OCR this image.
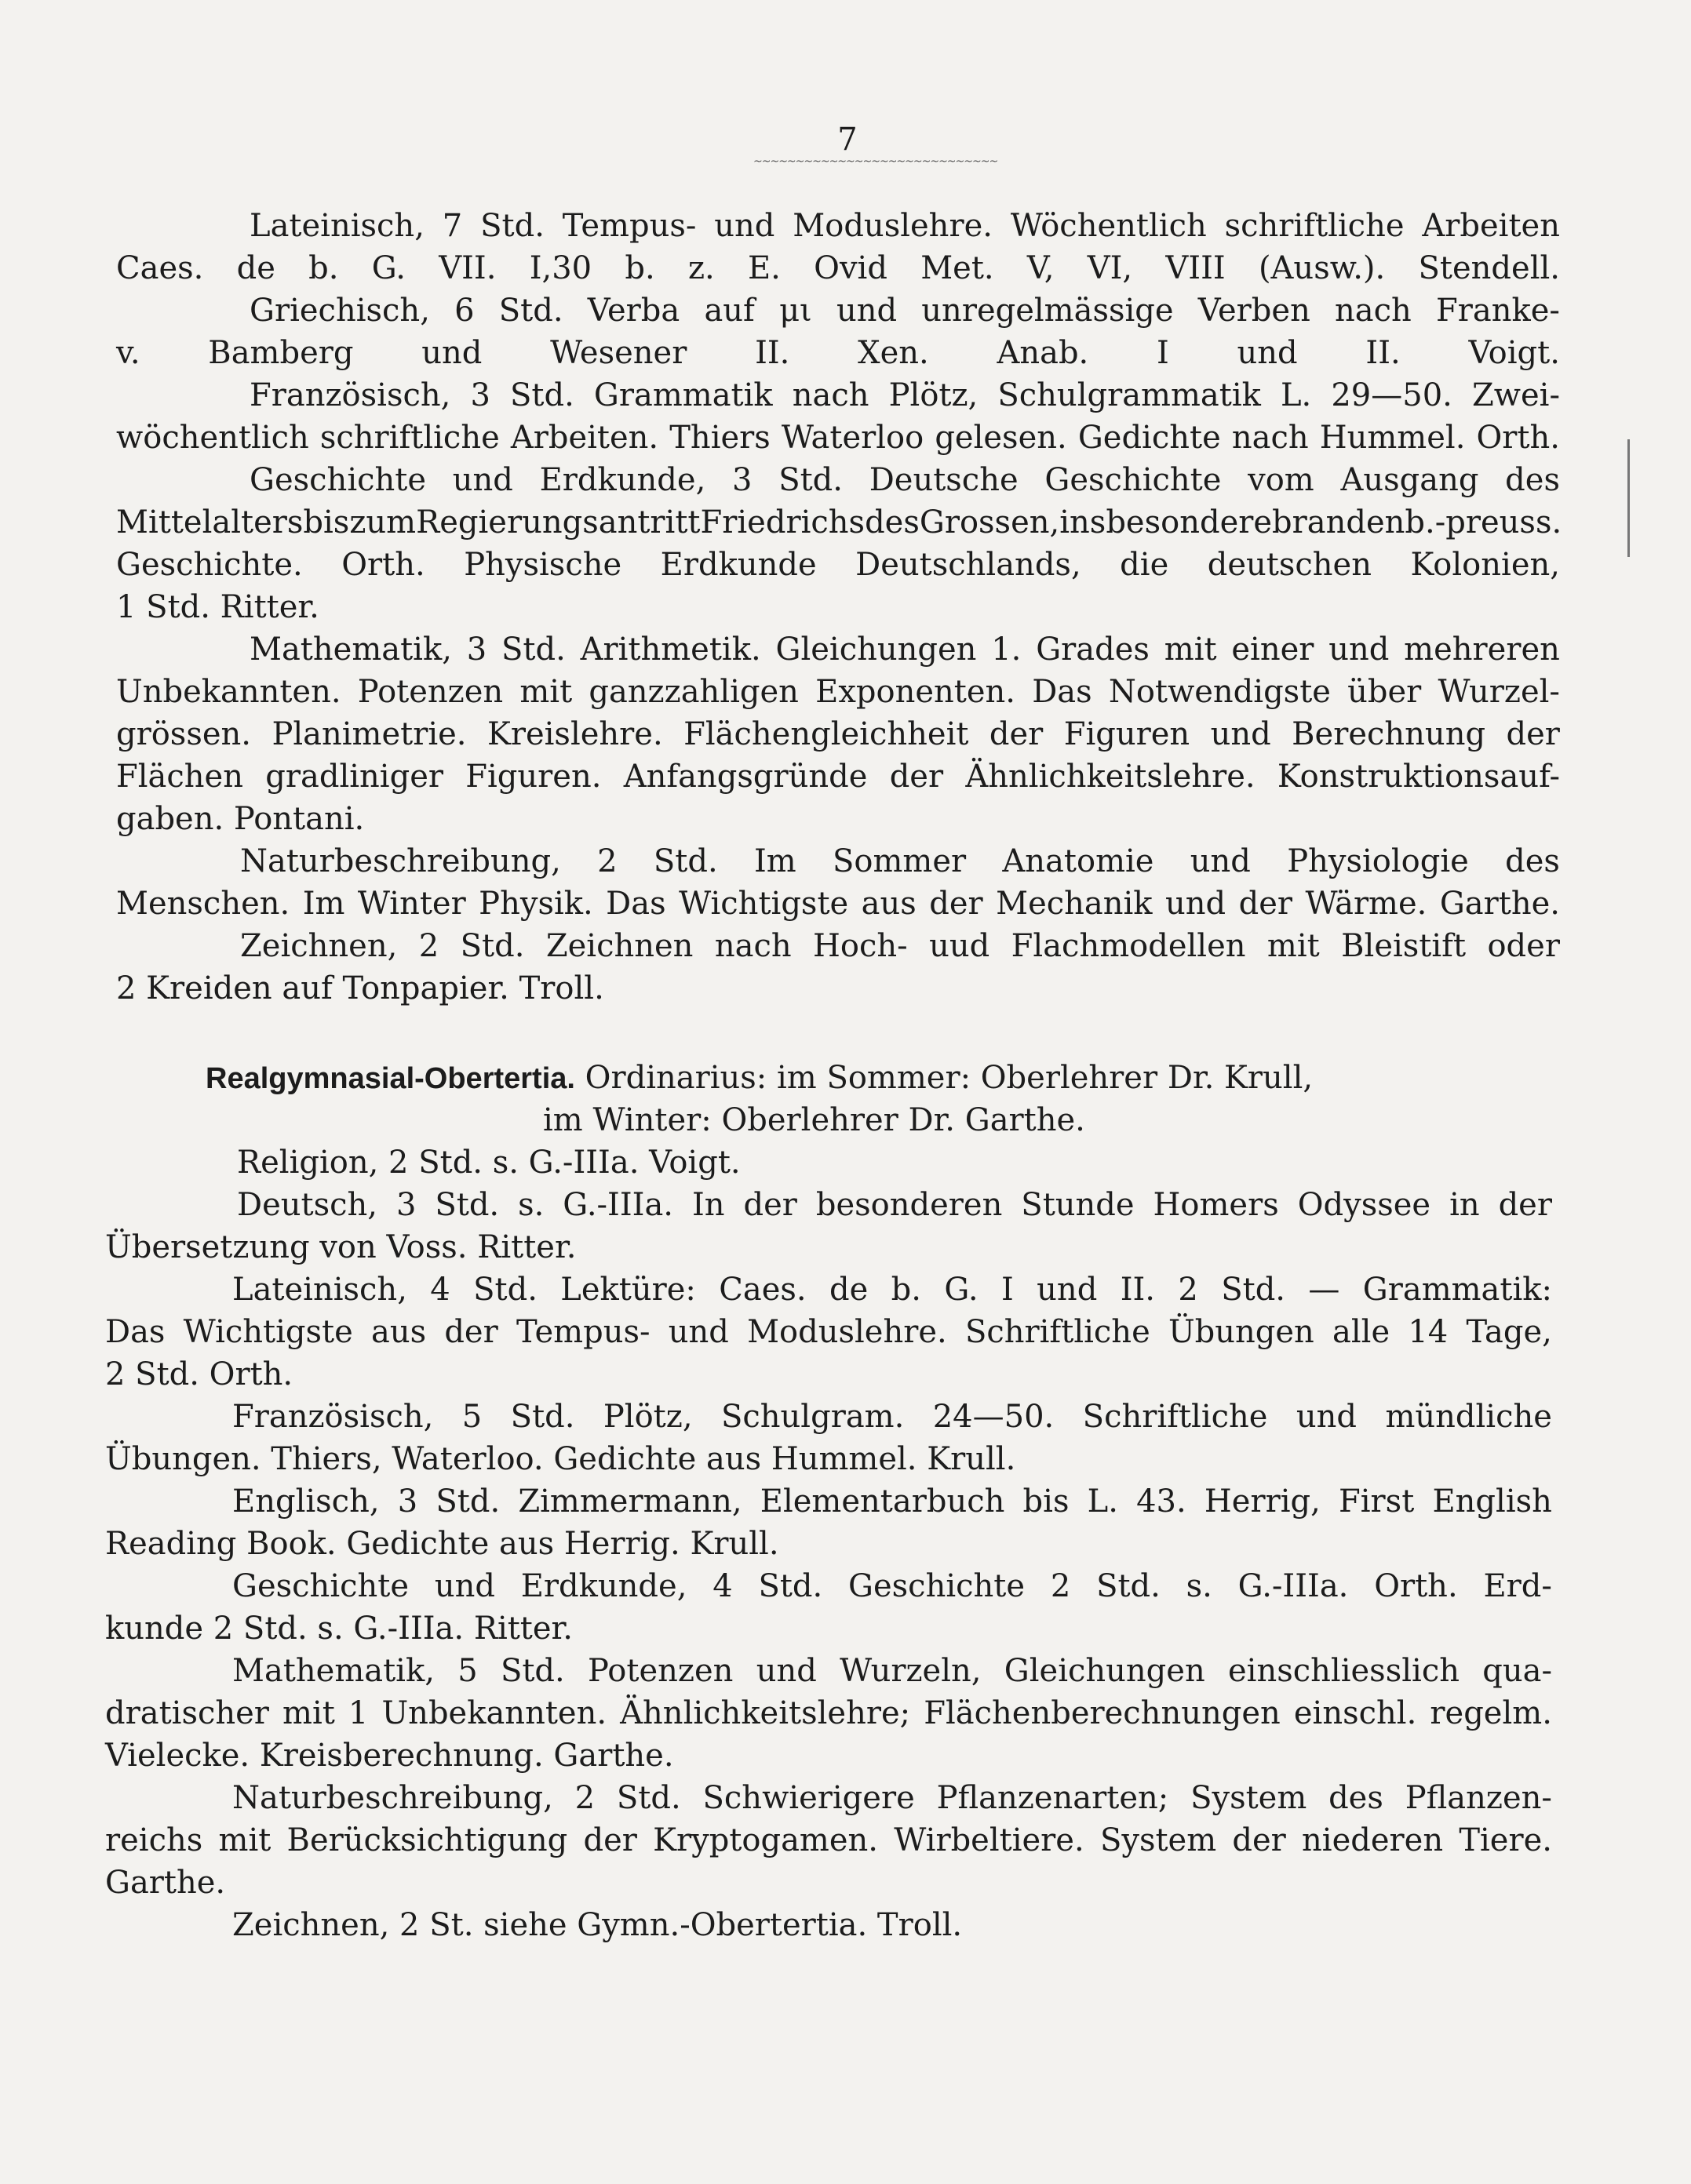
7
~~~~~~~~~~~~~~~~~~~~~~~~~~~~~
Lateinisch, 7 Std. Tempus- und Moduslehre. Wöchentlich schriftliche Arbeiten
Caes. de b. G. VII. I,30 b. z. E. Ovid Met. V, VI, VIII (Ausw.). Stendell.
Griechisch, 6 Std. Verba auf μι und unregelmässige Verben nach Franke-
v. Bamberg und Wesener II. Xen. Anab. I und II. Voigt.
Französisch, 3 Std. Grammatik nach Plötz, Schulgrammatik L. 29—50. Zwei-
wöchentlich schriftliche Arbeiten. Thiers Waterloo gelesen. Gedichte nach Hummel. Orth.
Geschichte und Erdkunde, 3 Std. Deutsche Geschichte vom Ausgang des
Mittelalters bis zum Regierungsantritt Friedrichs des Grossen, insbesondere brandenb.-preuss.
Geschichte. Orth. Physische Erdkunde Deutschlands, die deutschen Kolonien,
1 Std. Ritter.
Mathematik, 3 Std. Arithmetik. Gleichungen 1. Grades mit einer und mehreren
Unbekannten. Potenzen mit ganzzahligen Exponenten. Das Notwendigste über Wurzel-
grössen. Planimetrie. Kreislehre. Flächengleichheit der Figuren und Berechnung der
Flächen gradliniger Figuren. Anfangsgründe der Ähnlichkeitslehre. Konstruktionsauf-
gaben. Pontani.
Naturbeschreibung, 2 Std. Im Sommer Anatomie und Physiologie des
Menschen. Im Winter Physik. Das Wichtigste aus der Mechanik und der Wärme. Garthe.
Zeichnen, 2 Std. Zeichnen nach Hoch- uud Flachmodellen mit Bleistift oder
2 Kreiden auf Tonpapier. Troll.
Realgymnasial-Obertertia. Ordinarius: im Sommer: Oberlehrer Dr. Krull,
im Winter: Oberlehrer Dr. Garthe.
Religion, 2 Std. s. G.-IIIa. Voigt.
Deutsch, 3 Std. s. G.-IIIa. In der besonderen Stunde Homers Odyssee in der
Übersetzung von Voss. Ritter.
Lateinisch, 4 Std. Lektüre: Caes. de b. G. I und II. 2 Std. — Grammatik:
Das Wichtigste aus der Tempus- und Moduslehre. Schriftliche Übungen alle 14 Tage,
2 Std. Orth.
Französisch, 5 Std. Plötz, Schulgram. 24—50. Schriftliche und mündliche
Übungen. Thiers, Waterloo. Gedichte aus Hummel. Krull.
Englisch, 3 Std. Zimmermann, Elementarbuch bis L. 43. Herrig, First English
Reading Book. Gedichte aus Herrig. Krull.
Geschichte und Erdkunde, 4 Std. Geschichte 2 Std. s. G.-IIIa. Orth. Erd-
kunde 2 Std. s. G.-IIIa. Ritter.
Mathematik, 5 Std. Potenzen und Wurzeln, Gleichungen einschliesslich qua-
dratischer mit 1 Unbekannten. Ähnlichkeitslehre; Flächenberechnungen einschl. regelm.
Vielecke. Kreisberechnung. Garthe.
Naturbeschreibung, 2 Std. Schwierigere Pflanzenarten; System des Pflanzen-
reichs mit Berücksichtigung der Kryptogamen. Wirbeltiere. System der niederen Tiere.
Garthe.
Zeichnen, 2 St. siehe Gymn.-Obertertia. Troll.
